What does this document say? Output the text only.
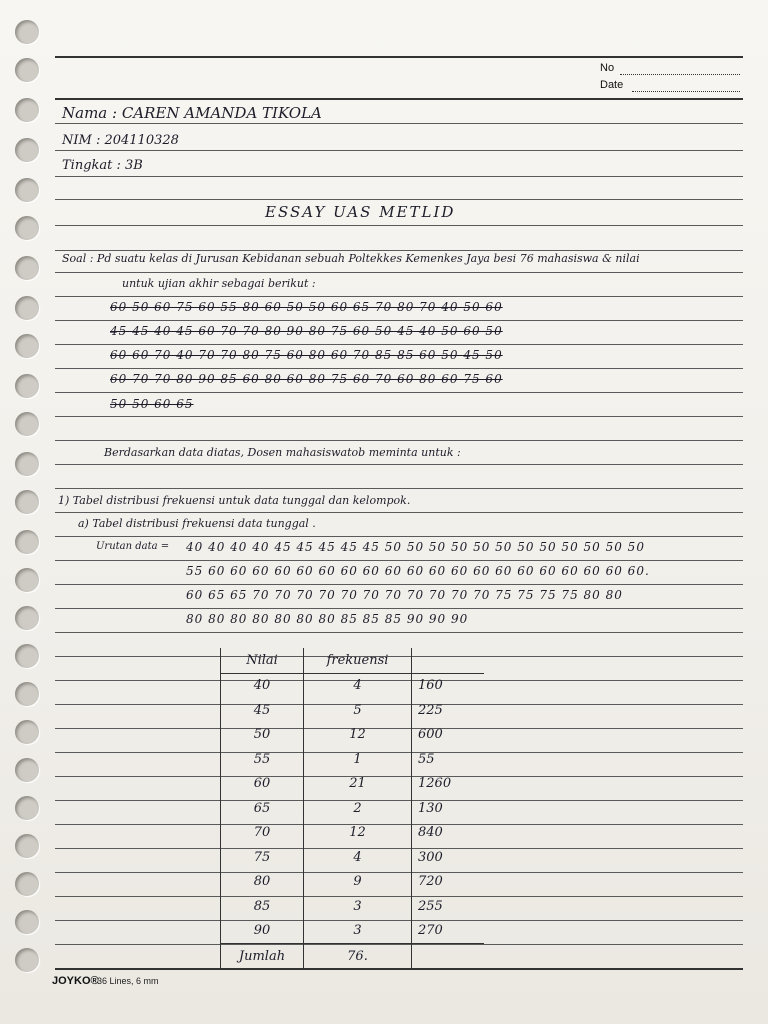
No
Date
Nama : CAREN AMANDA TIKOLA
NIM : 204110328
Tingkat : 3B
ESSAY UAS METLID
Soal : Pd suatu kelas di Jurusan Kebidanan sebuah Poltekkes Kemenkes Jaya besi 76 mahasiswa & nilai
untuk ujian akhir sebagai berikut :
60 50 60 75 60 55 80 60 50 50 60 65 70 80 70 40 50 60
45 45 40 45 60 70 70 80 90 80 75 60 50 45 40 50 60 50
60 60 70 40 70 70 80 75 60 80 60 70 85 85 60 50 45 50
60 70 70 80 90 85 60 80 60 80 75 60 70 60 80 60 75 60
50 50 60 65
Berdasarkan data diatas, Dosen mahasiswatob meminta untuk :
1) Tabel distribusi frekuensi untuk data tunggal dan kelompok.
a) Tabel distribusi frekuensi data tunggal .
Urutan data = 40 40 40 40 45 45 45 45 45 50 50 50 50 50 50 50 50 50 50 50 50
55 60 60 60 60 60 60 60 60 60 60 60 60 60 60 60 60 60 60 60 60.
60 65 65 70 70 70 70 70 70 70 70 70 70 70 75 75 75 75 80 80
80 80 80 80 80 80 80 85 85 85 90 90 90
Nilai	frekuensi	
40	4	160
45	5	225
50	12	600
55	1	55
60	21	1260
65	2	130
70	12	840
75	4	300
80	9	720
85	3	255
90	3	270
Jumlah	76.	
JOYKO®
36 Lines, 6 mm
